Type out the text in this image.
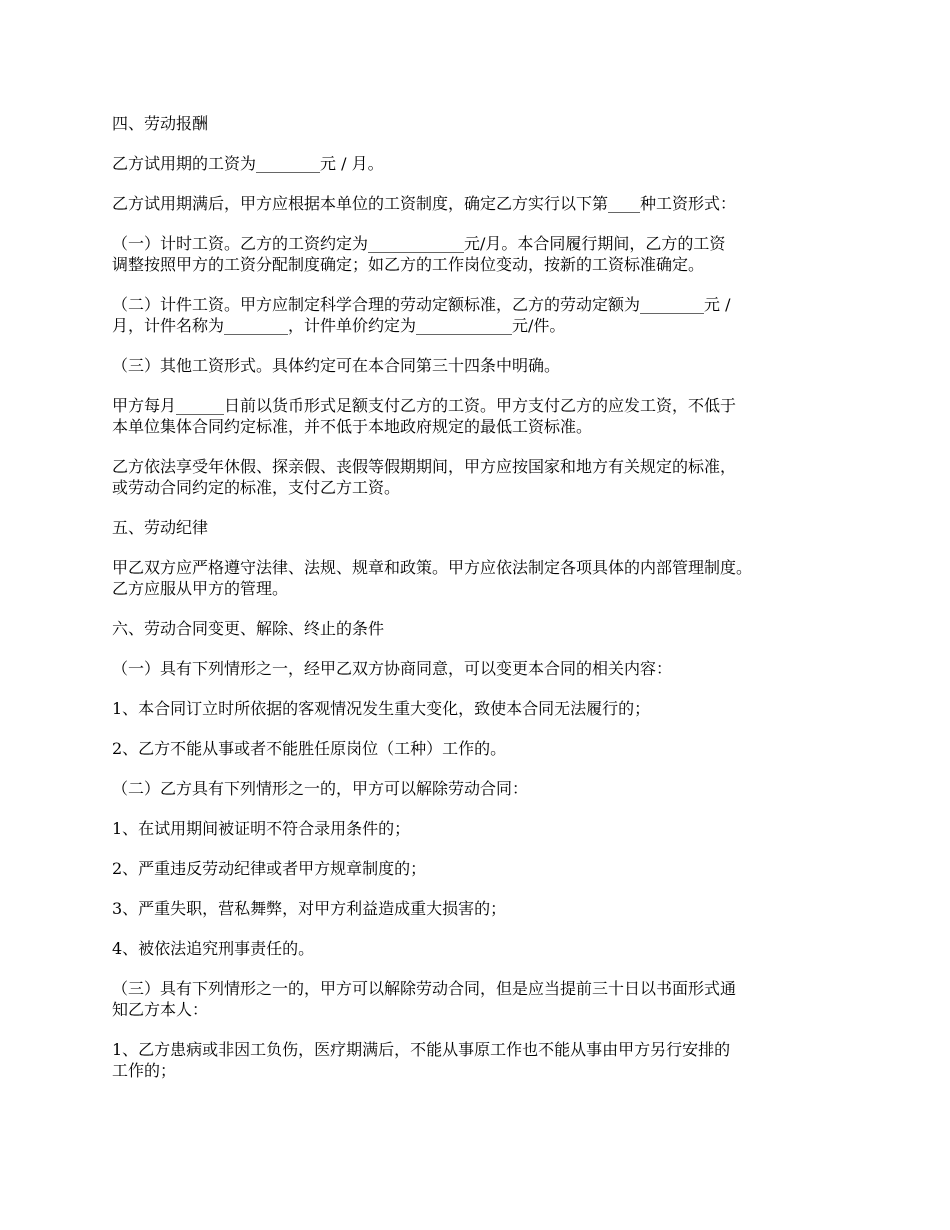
四、劳动报酬
乙方试用期的工资为________元 / 月。
乙方试用期满后，甲方应根据本单位的工资制度，确定乙方实行以下第____种工资形式：
（一）计时工资。乙方的工资约定为____________元/月。本合同履行期间，乙方的工资
调整按照甲方的工资分配制度确定；如乙方的工作岗位变动，按新的工资标准确定。
（二）计件工资。甲方应制定科学合理的劳动定额标准，乙方的劳动定额为________元 /
月，计件名称为________，计件单价约定为____________元/件。
（三）其他工资形式。具体约定可在本合同第三十四条中明确。
甲方每月______日前以货币形式足额支付乙方的工资。甲方支付乙方的应发工资，不低于
本单位集体合同约定标准，并不低于本地政府规定的最低工资标准。
乙方依法享受年休假、探亲假、丧假等假期期间，甲方应按国家和地方有关规定的标准，
或劳动合同约定的标准，支付乙方工资。
五、劳动纪律
甲乙双方应严格遵守法律、法规、规章和政策。甲方应依法制定各项具体的内部管理制度。
乙方应服从甲方的管理。
六、劳动合同变更、解除、终止的条件
（一）具有下列情形之一，经甲乙双方协商同意，可以变更本合同的相关内容：
1、本合同订立时所依据的客观情况发生重大变化，致使本合同无法履行的；
2、乙方不能从事或者不能胜任原岗位（工种）工作的。
（二）乙方具有下列情形之一的，甲方可以解除劳动合同：
1、在试用期间被证明不符合录用条件的；
2、严重违反劳动纪律或者甲方规章制度的；
3、严重失职，营私舞弊，对甲方利益造成重大损害的；
4、被依法追究刑事责任的。
（三）具有下列情形之一的，甲方可以解除劳动合同，但是应当提前三十日以书面形式通
知乙方本人：
1、乙方患病或非因工负伤，医疗期满后，不能从事原工作也不能从事由甲方另行安排的
工作的；
